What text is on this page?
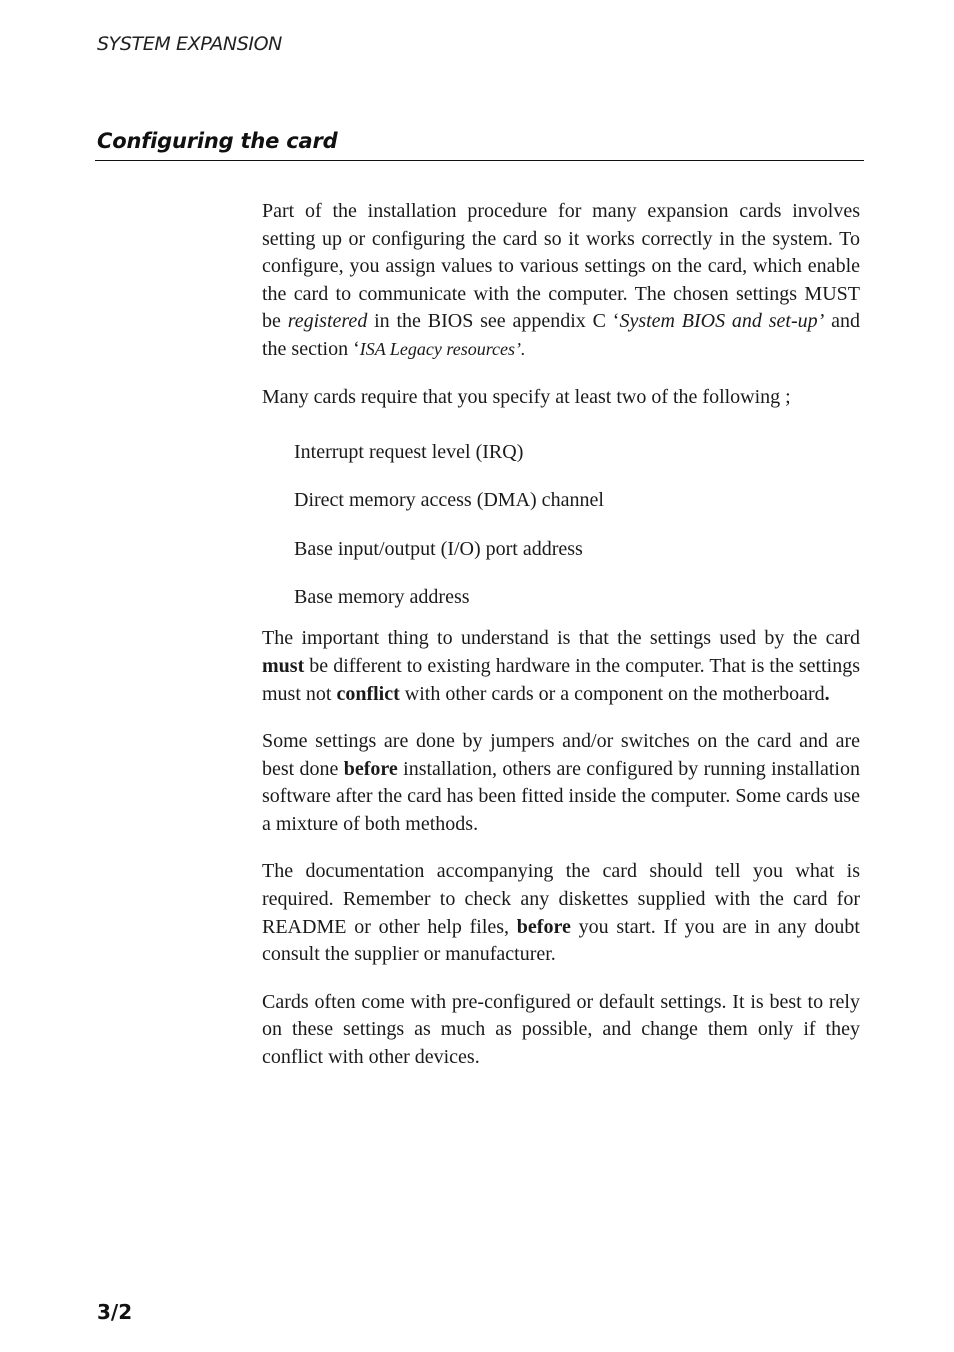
SYSTEM EXPANSION
Configuring the card

Part of the installation procedure for many expansion cards involves setting up or configuring the card so it works correctly in the system. To configure, you assign values to various settings on the card, which enable the card to communicate with the computer. The chosen settings MUST be registered in the BIOS see appendix C ‘System BIOS and set-up’ and the section ‘ISA Legacy resources’.

Many cards require that you specify at least two of the following ;

Interrupt request level (IRQ)
Direct memory access (DMA) channel
Base input/output (I/O) port address
Base memory address

The important thing to understand is that the settings used by the card must be different to existing hardware in the computer. That is the settings must not conflict with other cards or a component on the motherboard.

Some settings are done by jumpers and/or switches on the card and are best done before installation, others are configured by running installation software after the card has been fitted inside the computer. Some cards use a mixture of both methods.

The documentation accompanying the card should tell you what is required. Remember to check any diskettes supplied with the card for README or other help files, before you start. If you are in any doubt consult the supplier or manufacturer.

Cards often come with pre-configured or default settings. It is best to rely on these settings as much as possible, and change them only if they conflict with other devices.

3/2
